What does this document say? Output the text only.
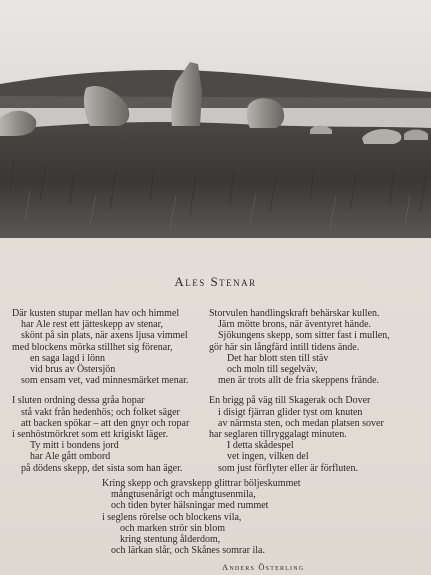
Ales Stenar
Där kusten stupar mellan hav och himmel
har Ale rest ett jätteskepp av stenar,
skönt på sin plats, när axens ljusa vimmel
med blockens mörka stillhet sig förenar,
en saga lagd i lönn
vid brus av Östersjön
som ensam vet, vad minnesmärket menar.
I sluten ordning dessa gråa hopar
stå vakt från hedenhös; och folket säger
att backen spökar – att den gnyr och ropar
i senhöstmörkret som ett krigiskt läger.
Ty mitt i bondens jord
har Ale gått ombord
på dödens skepp, det sista som han äger.
Storvulen handlingskraft behärskar kullen.
Järn mötte brons, när äventyret hände.
Sjökungens skepp, som sitter fast i mullen,
gör här sin långfärd intill tidens ände.
Det har blott sten till stäv
och moln till segelväv,
men är trots allt de fria skeppens frände.
En brigg på väg till Skagerak och Dover
i disigt fjärran glider tyst om knuten
av närmsta sten, och medan platsen sover
har seglaren tillryggalagt minuten.
I detta skådespel
vet ingen, vilken del
som just förflyter eller är förfluten.
Kring skepp och gravskepp glittrar böljeskummet
mångtusenårigt och mångtusenmila,
och tiden byter hälsningar med rummet
i seglens rörelse och blockens vila,
och marken strör sin blom
kring stentung ålderdom,
och lärkan slår, och Skånes somrar ila.
Anders Österling
